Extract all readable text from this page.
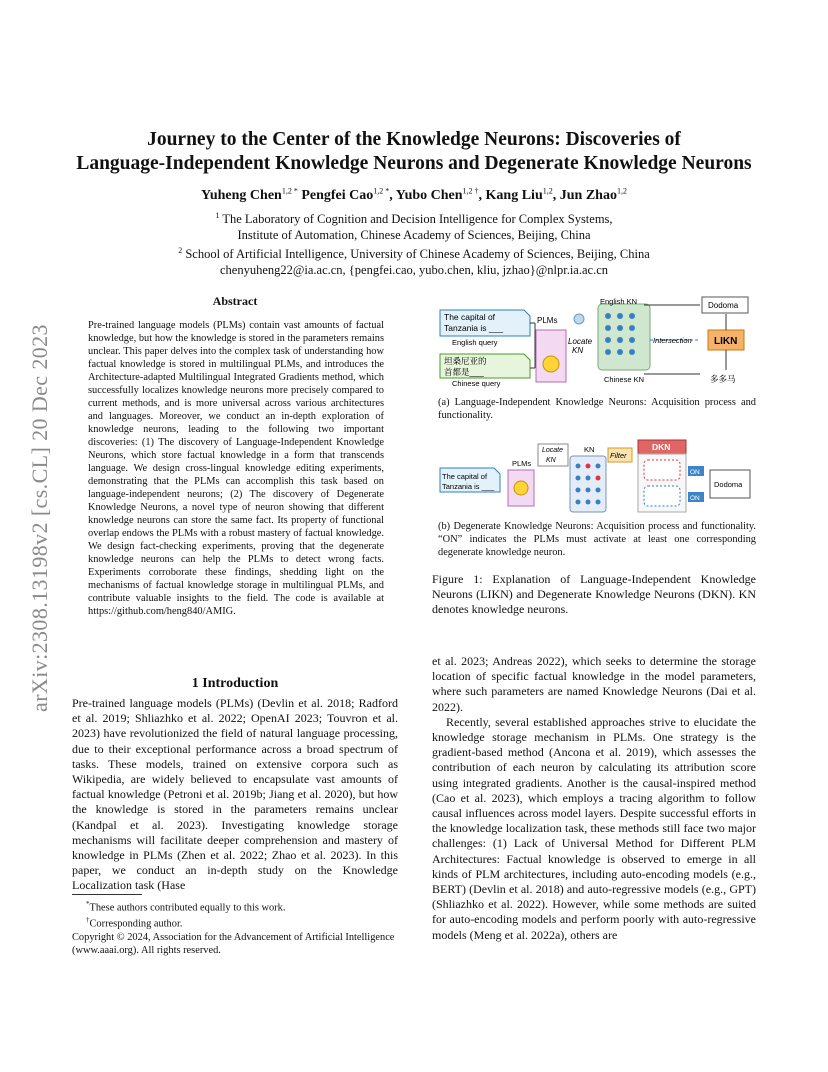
arXiv:2308.13198v2 [cs.CL] 20 Dec 2023
Journey to the Center of the Knowledge Neurons: Discoveries of
Language-Independent Knowledge Neurons and Degenerate Knowledge Neurons
Yuheng Chen$^{1,2 *}$ Pengfei Cao$^{1,2 *}$, Yubo Chen$^{1,2 \dagger}$, Kang Liu$^{1,2}$, Jun Zhao$^{1,2}$
$^1$ The Laboratory of Cognition and Decision Intelligence for Complex Systems,
Institute of Automation, Chinese Academy of Sciences, Beijing, China
$^2$ School of Artificial Intelligence, University of Chinese Academy of Sciences, Beijing, China
chenyuheng22@ia.ac.cn, {pengfei.cao, yubo.chen, kliu, jzhao}@nlpr.ia.ac.cn
Abstract
Pre-trained language models (PLMs) contain vast amounts of factual knowledge, but how the knowledge is stored in the parameters remains unclear. This paper delves into the complex task of understanding how factual knowledge is stored in multilingual PLMs, and introduces the Architecture-adapted Multilingual Integrated Gradients method, which successfully localizes knowledge neurons more precisely compared to current methods, and is more universal across various architectures and languages. Moreover, we conduct an in-depth exploration of knowledge neurons, leading to the following two important discoveries: (1) The discovery of Language-Independent Knowledge Neurons, which store factual knowledge in a form that transcends language. We design cross-lingual knowledge editing experiments, demonstrating that the PLMs can accomplish this task based on language-independent neurons; (2) The discovery of Degenerate Knowledge Neurons, a novel type of neuron showing that different knowledge neurons can store the same fact. Its property of functional overlap endows the PLMs with a robust mastery of factual knowledge. We design fact-checking experiments, proving that the degenerate knowledge neurons can help the PLMs to detect wrong facts. Experiments corroborate these findings, shedding light on the mechanisms of factual knowledge storage in multilingual PLMs, and contribute valuable insights to the field. The code is available at https://github.com/heng840/AMIG.
1 Introduction
Pre-trained language models (PLMs) (Devlin et al. 2018; Radford et al. 2019; Shliazhko et al. 2022; OpenAI 2023; Touvron et al. 2023) have revolutionized the field of natural language processing, due to their exceptional performance across a broad spectrum of tasks. These models, trained on extensive corpora such as Wikipedia, are widely believed to encapsulate vast amounts of factual knowledge (Petroni et al. 2019b; Jiang et al. 2020), but how the knowledge is stored in the parameters remains unclear (Kandpal et al. 2023). Investigating knowledge storage mechanisms will facilitate deeper comprehension and mastery of knowledge in PLMs (Zhen et al. 2022; Zhao et al. 2023). In this paper, we conduct an in-depth study on the Knowledge Localization task (Hase
*These authors contributed equally to this work.
†Corresponding author.
Copyright © 2024, Association for the Advancement of Artificial Intelligence (www.aaai.org). All rights reserved.
The capital of
Tanzania is ___
English query
坦桑尼亚的
首都是___
Chinese query
PLMs
Locate
KN
English KN
Chinese KN
Intersection LIKN
Dodoma
多多马
(a) Language-Independent Knowledge Neurons: Acquisition process and functionality.
The capital of
Tanzania is ___
PLMs
Locate
KN
KN
Filter
DKN
ON
ON
Dodoma
(b) Degenerate Knowledge Neurons: Acquisition process and functionality. “ON” indicates the PLMs must activate at least one corresponding degenerate knowledge neuron.
Figure 1: Explanation of Language-Independent Knowledge Neurons (LIKN) and Degenerate Knowledge Neurons (DKN). KN denotes knowledge neurons.

et al. 2023; Andreas 2022), which seeks to determine the storage location of specific factual knowledge in the model parameters, where such parameters are named Knowledge Neurons (Dai et al. 2022).

Recently, several established approaches strive to elucidate the knowledge storage mechanism in PLMs. One strategy is the gradient-based method (Ancona et al. 2019), which assesses the contribution of each neuron by calculating its attribution score using integrated gradients. Another is the causal-inspired method (Cao et al. 2023), which employs a tracing algorithm to follow causal influences across model layers. Despite successful efforts in the knowledge localization task, these methods still face two major challenges: (1) Lack of Universal Method for Different PLM Architectures: Factual knowledge is observed to emerge in all kinds of PLM architectures, including auto-encoding models (e.g., BERT) (Devlin et al. 2018) and auto-regressive models (e.g., GPT) (Shliazhko et al. 2022). However, while some methods are suited for auto-encoding models and perform poorly with auto-regressive models (Meng et al. 2022a), others are
